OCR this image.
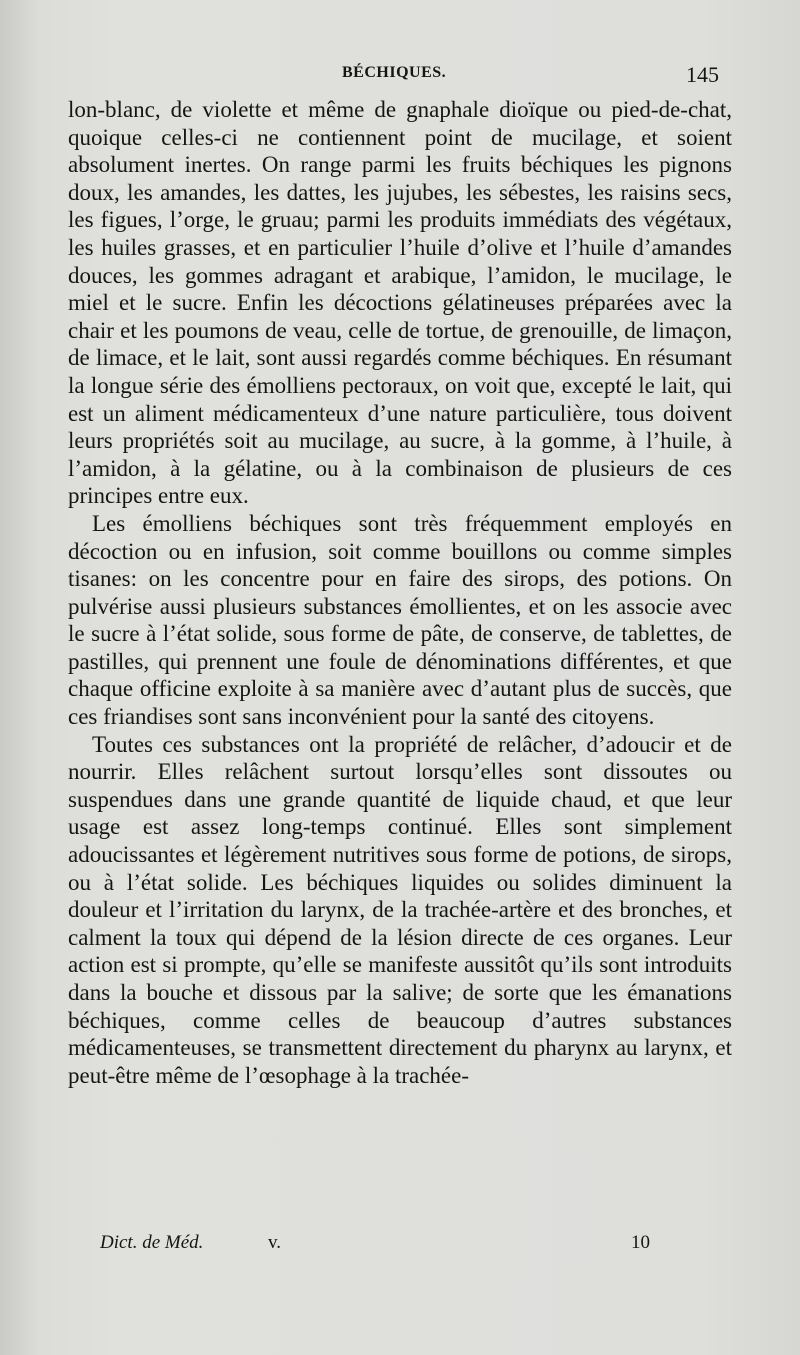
BÉCHIQUES.	145

lon-blanc, de violette et même de gnaphale dioïque ou pied-de-chat, quoique celles-ci ne contiennent point de mucilage, et soient absolument inertes. On range parmi les fruits béchiques les pignons doux, les amandes, les dattes, les jujubes, les sébestes, les raisins secs, les figues, l’orge, le gruau; parmi les produits immédiats des végétaux, les huiles grasses, et en particulier l’huile d’olive et l’huile d’amandes douces, les gommes adragant et arabique, l’amidon, le mucilage, le miel et le sucre. Enfin les décoctions gélatineuses préparées avec la chair et les poumons de veau, celle de tortue, de grenouille, de limaçon, de limace, et le lait, sont aussi regardés comme béchiques. En résumant la longue série des émolliens pectoraux, on voit que, excepté le lait, qui est un aliment médicamenteux d’une nature particulière, tous doivent leurs propriétés soit au mucilage, au sucre, à la gomme, à l’huile, à l’amidon, à la gélatine, ou à la combinaison de plusieurs de ces principes entre eux.

Les émolliens béchiques sont très fréquemment employés en décoction ou en infusion, soit comme bouillons ou comme simples tisanes: on les concentre pour en faire des sirops, des potions. On pulvérise aussi plusieurs substances émollientes, et on les associe avec le sucre à l’état solide, sous forme de pâte, de conserve, de tablettes, de pastilles, qui prennent une foule de dénominations différentes, et que chaque officine exploite à sa manière avec d’autant plus de succès, que ces friandises sont sans inconvénient pour la santé des citoyens.

Toutes ces substances ont la propriété de relâcher, d’adoucir et de nourrir. Elles relâchent surtout lorsqu’elles sont dissoutes ou suspendues dans une grande quantité de liquide chaud, et que leur usage est assez long-temps continué. Elles sont simplement adoucissantes et légèrement nutritives sous forme de potions, de sirops, ou à l’état solide. Les béchiques liquides ou solides diminuent la douleur et l’irritation du larynx, de la trachée-artère et des bronches, et calment la toux qui dépend de la lésion directe de ces organes. Leur action est si prompte, qu’elle se manifeste aussitôt qu’ils sont introduits dans la bouche et dissous par la salive; de sorte que les émanations béchiques, comme celles de beaucoup d’autres substances médicamenteuses, se transmettent directement du pharynx au larynx, et peut-être même de l’œsophage à la trachée-

Dict. de Méd.	v.	10
